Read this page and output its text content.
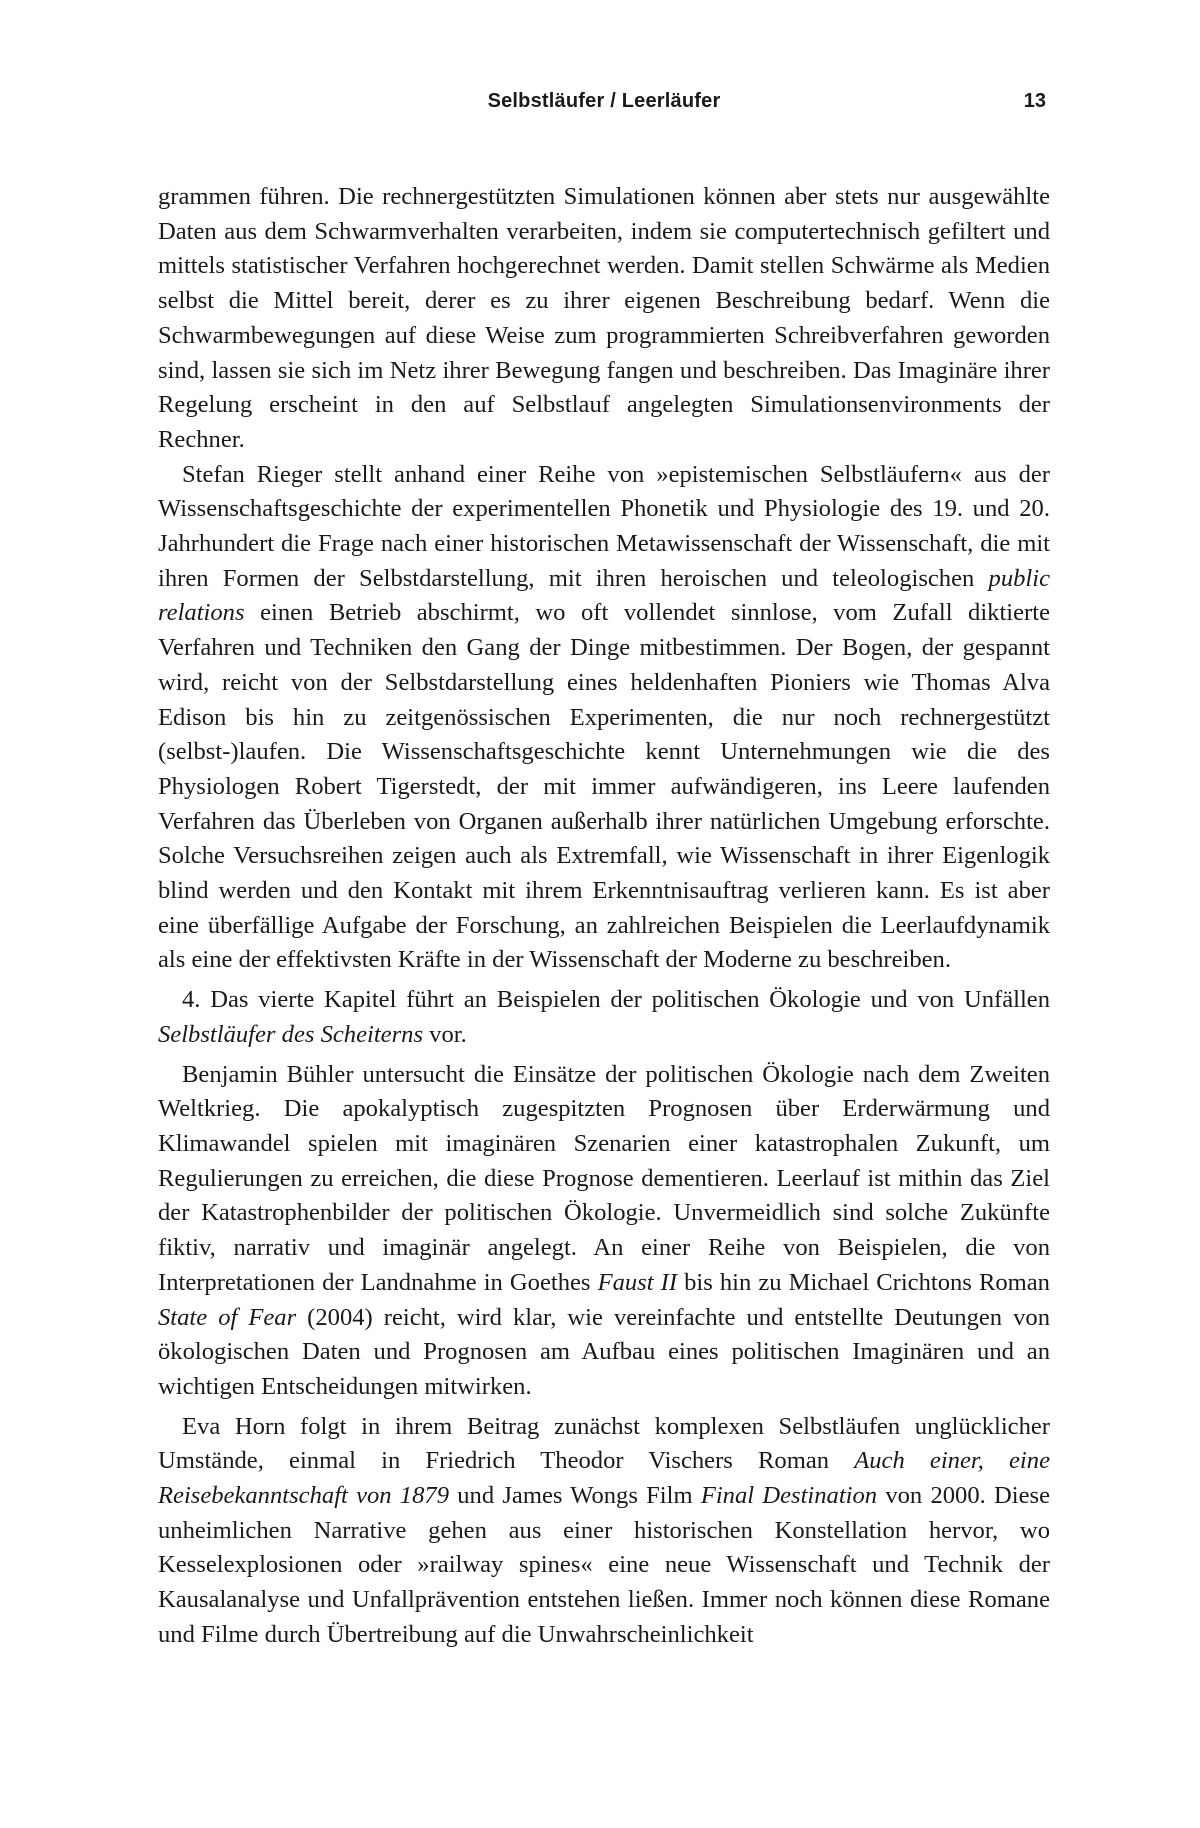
Selbstläufer / Leerläufer	13

grammen führen. Die rechnergestützten Simulationen können aber stets nur ausgewählte Daten aus dem Schwarmverhalten verarbeiten, indem sie computertechnisch gefiltert und mittels statistischer Verfahren hochgerechnet werden. Damit stellen Schwärme als Medien selbst die Mittel bereit, derer es zu ihrer eigenen Beschreibung bedarf. Wenn die Schwarmbewegungen auf diese Weise zum programmierten Schreibverfahren geworden sind, lassen sie sich im Netz ihrer Bewegung fangen und beschreiben. Das Imaginäre ihrer Regelung erscheint in den auf Selbstlauf angelegten Simulationsenvironments der Rechner.

Stefan Rieger stellt anhand einer Reihe von »epistemischen Selbstläufern« aus der Wissenschaftsgeschichte der experimentellen Phonetik und Physiologie des 19. und 20. Jahrhundert die Frage nach einer historischen Metawissenschaft der Wissenschaft, die mit ihren Formen der Selbstdarstellung, mit ihren heroischen und teleologischen public relations einen Betrieb abschirmt, wo oft vollendet sinnlose, vom Zufall diktierte Verfahren und Techniken den Gang der Dinge mitbestimmen. Der Bogen, der gespannt wird, reicht von der Selbstdarstellung eines heldenhaften Pioniers wie Thomas Alva Edison bis hin zu zeitgenössischen Experimenten, die nur noch rechnergestützt (selbst-)laufen. Die Wissenschaftsgeschichte kennt Unternehmungen wie die des Physiologen Robert Tigerstedt, der mit immer aufwändigeren, ins Leere laufenden Verfahren das Überleben von Organen außerhalb ihrer natürlichen Umgebung erforschte. Solche Versuchsreihen zeigen auch als Extremfall, wie Wissenschaft in ihrer Eigenlogik blind werden und den Kontakt mit ihrem Erkenntnisauftrag verlieren kann. Es ist aber eine überfällige Aufgabe der Forschung, an zahlreichen Beispielen die Leerlaufdynamik als eine der effektivsten Kräfte in der Wissenschaft der Moderne zu beschreiben.

4. Das vierte Kapitel führt an Beispielen der politischen Ökologie und von Unfällen Selbstläufer des Scheiterns vor.

Benjamin Bühler untersucht die Einsätze der politischen Ökologie nach dem Zweiten Weltkrieg. Die apokalyptisch zugespitzten Prognosen über Erderwärmung und Klimawandel spielen mit imaginären Szenarien einer katastrophalen Zukunft, um Regulierungen zu erreichen, die diese Prognose dementieren. Leerlauf ist mithin das Ziel der Katastrophenbilder der politischen Ökologie. Unvermeidlich sind solche Zukünfte fiktiv, narrativ und imaginär angelegt. An einer Reihe von Beispielen, die von Interpretationen der Landnahme in Goethes Faust II bis hin zu Michael Crichtons Roman State of Fear (2004) reicht, wird klar, wie vereinfachte und entstellte Deutungen von ökologischen Daten und Prognosen am Aufbau eines politischen Imaginären und an wichtigen Entscheidungen mitwirken.

Eva Horn folgt in ihrem Beitrag zunächst komplexen Selbstläufen unglücklicher Umstände, einmal in Friedrich Theodor Vischers Roman Auch einer, eine Reisebekanntschaft von 1879 und James Wongs Film Final Destination von 2000. Diese unheimlichen Narrative gehen aus einer historischen Konstellation hervor, wo Kesselexplosionen oder »railway spines« eine neue Wissenschaft und Technik der Kausalanalyse und Unfallprävention entstehen ließen. Immer noch können diese Romane und Filme durch Übertreibung auf die Unwahrscheinlichkeit
